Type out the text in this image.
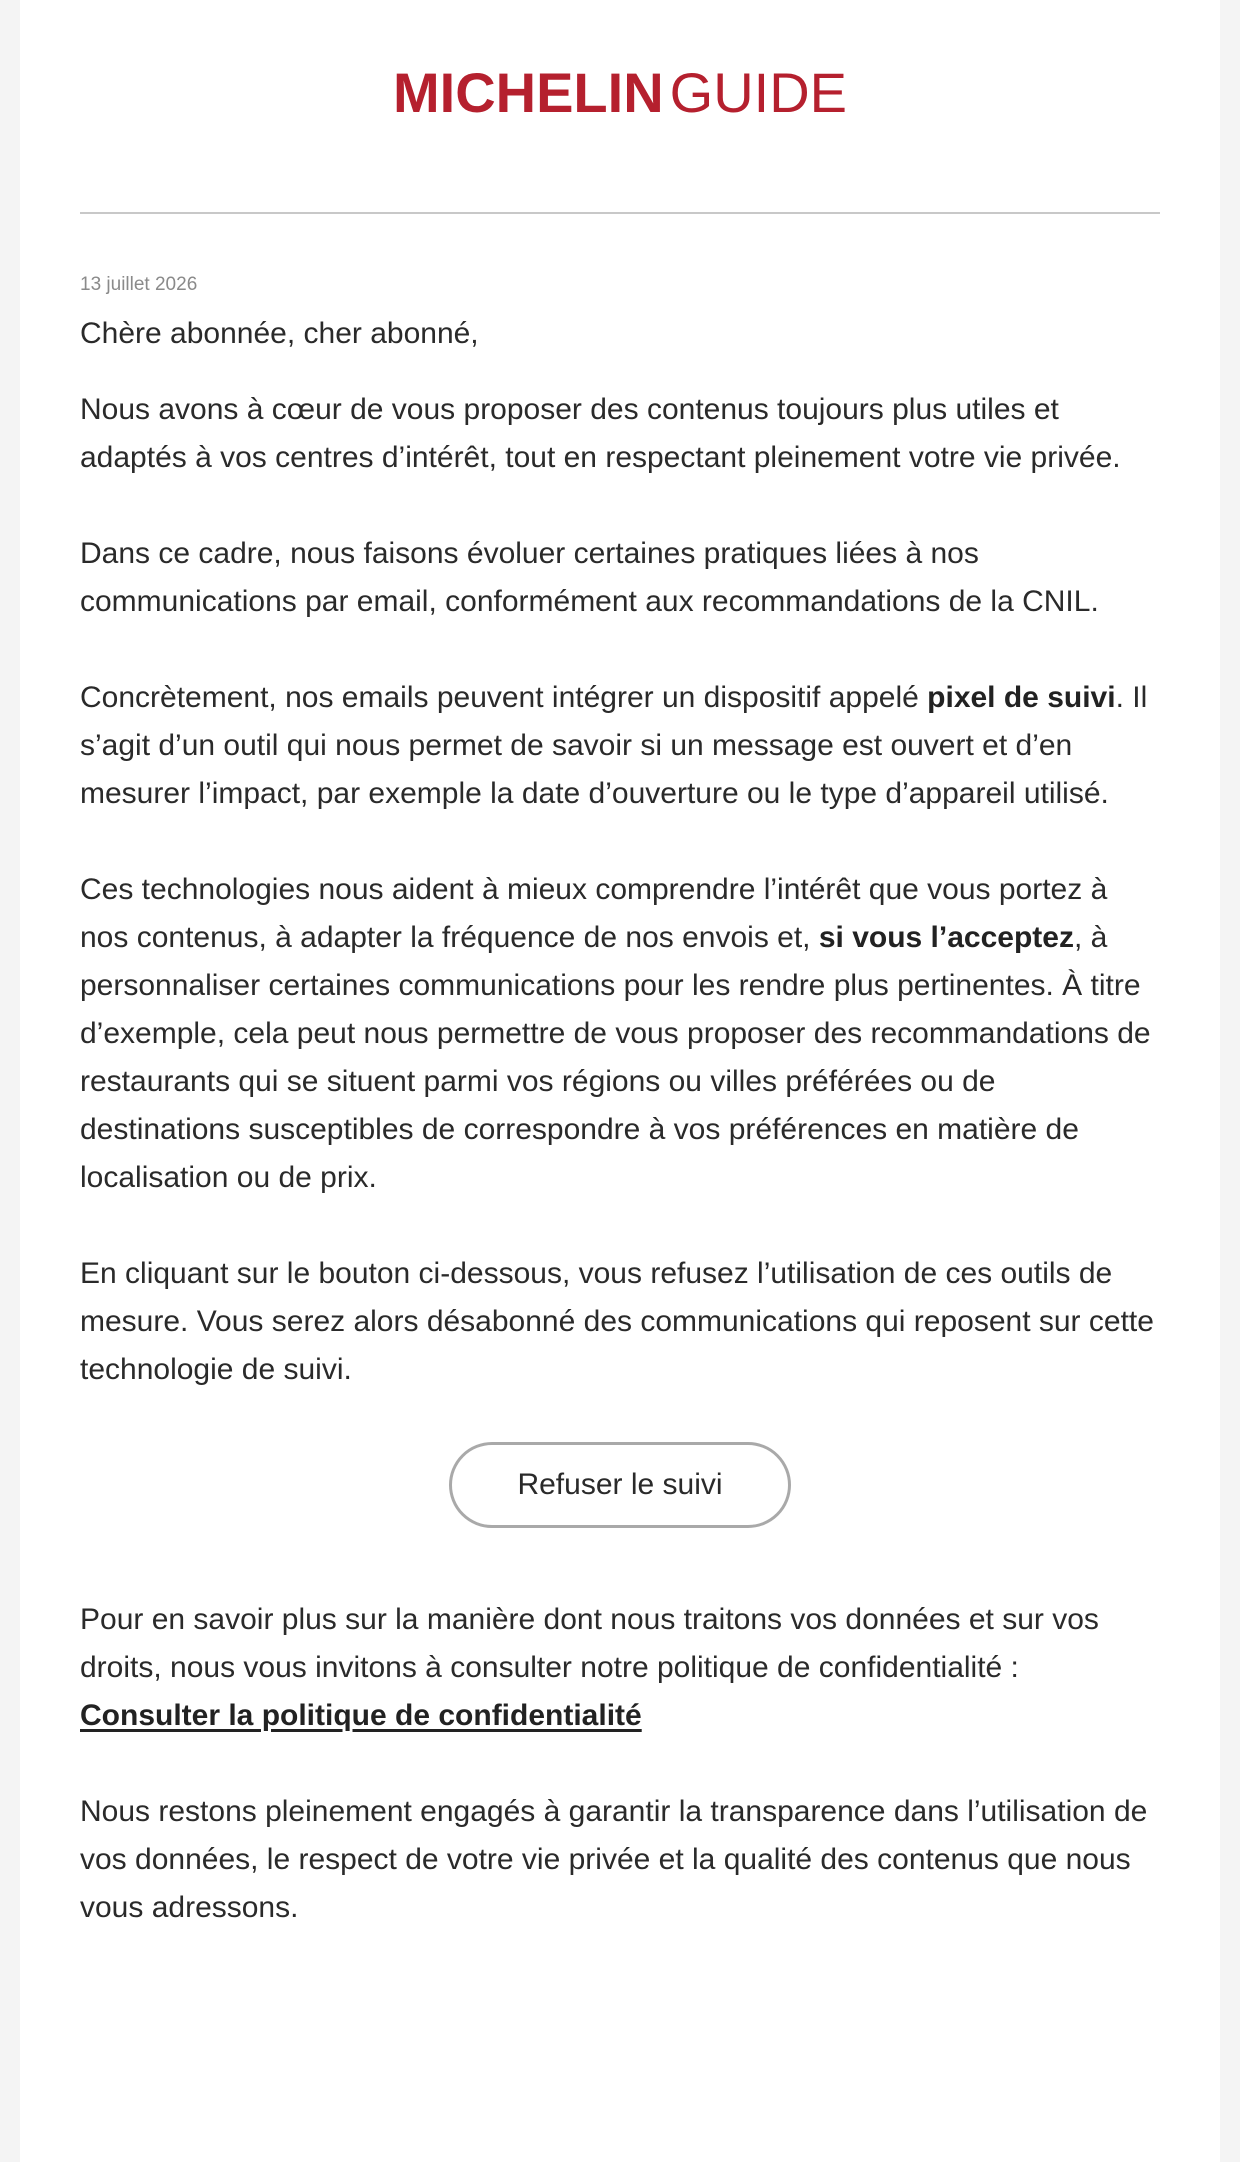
MICHELIN GUIDE
13 juillet 2026
Chère abonnée, cher abonné,

Nous avons à cœur de vous proposer des contenus toujours plus utiles et adaptés à vos centres d’intérêt, tout en respectant pleinement votre vie privée.

Dans ce cadre, nous faisons évoluer certaines pratiques liées à nos communications par email, conformément aux recommandations de la CNIL.

Concrètement, nos emails peuvent intégrer un dispositif appelé pixel de suivi. Il s’agit d’un outil qui nous permet de savoir si un message est ouvert et d’en mesurer l’impact, par exemple la date d’ouverture ou le type d’appareil utilisé.

Ces technologies nous aident à mieux comprendre l’intérêt que vous portez à nos contenus, à adapter la fréquence de nos envois et, si vous l’acceptez, à personnaliser certaines communications pour les rendre plus pertinentes. À titre d’exemple, cela peut nous permettre de vous proposer des recommandations de restaurants qui se situent parmi vos régions ou villes préférées ou de destinations susceptibles de correspondre à vos préférences en matière de localisation ou de prix.

En cliquant sur le bouton ci-dessous, vous refusez l’utilisation de ces outils de mesure. Vous serez alors désabonné des communications qui reposent sur cette technologie de suivi.

Refuser le suivi

Pour en savoir plus sur la manière dont nous traitons vos données et sur vos droits, nous vous invitons à consulter notre politique de confidentialité :
Consulter la politique de confidentialité

Nous restons pleinement engagés à garantir la transparence dans l’utilisation de vos données, le respect de votre vie privée et la qualité des contenus que nous vous adressons.
